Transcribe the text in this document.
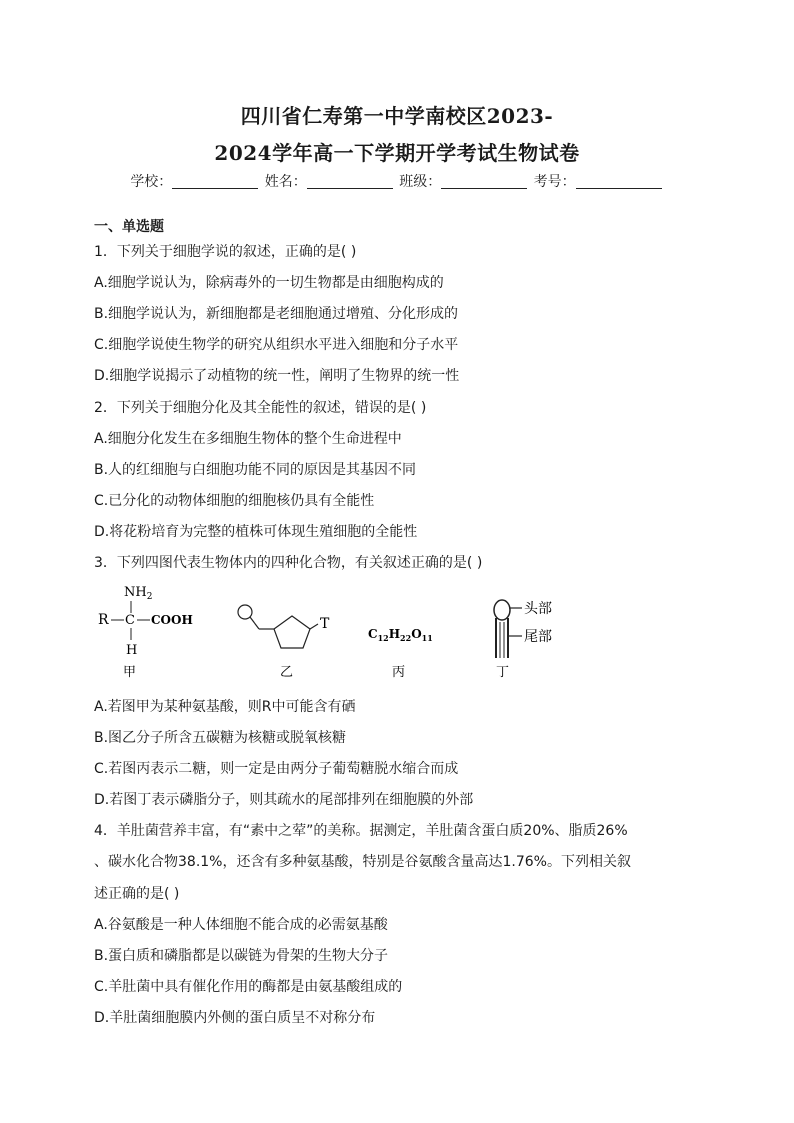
四川省仁寿第一中学南校区2023-
2024学年高一下学期开学考试生物试卷
学校：	姓名：	班级：	考号：
一、单选题
1．下列关于细胞学说的叙述，正确的是( )
A.细胞学说认为，除病毒外的一切生物都是由细胞构成的
B.细胞学说认为，新细胞都是老细胞通过增殖、分化形成的
C.细胞学说使生物学的研究从组织水平进入细胞和分子水平
D.细胞学说揭示了动植物的统一性，阐明了生物界的统一性
2．下列关于细胞分化及其全能性的叙述，错误的是( )
A.细胞分化发生在多细胞生物体的整个生命进程中
B.人的红细胞与白细胞功能不同的原因是其基因不同
C.已分化的动物体细胞的细胞核仍具有全能性
D.将花粉培育为完整的植株可体现生殖细胞的全能性
3．下列四图代表生物体内的四种化合物，有关叙述正确的是( )
$NH_2$
R C COOH
H
甲
T
乙
$C_{12}H_{22}O_{11}$
丙
头部
尾部
丁
A.若图甲为某种氨基酸，则R中可能含有硒
B.图乙分子所含五碳糖为核糖或脱氧核糖
C.若图丙表示二糖，则一定是由两分子葡萄糖脱水缩合而成
D.若图丁表示磷脂分子，则其疏水的尾部排列在细胞膜的外部
4．羊肚菌营养丰富，有“素中之荤”的美称。据测定，羊肚菌含蛋白质20%、脂质26%
、碳水化合物38.1%，还含有多种氨基酸，特别是谷氨酸含量高达1.76%。下列相关叙
述正确的是( )
A.谷氨酸是一种人体细胞不能合成的必需氨基酸
B.蛋白质和磷脂都是以碳链为骨架的生物大分子
C.羊肚菌中具有催化作用的酶都是由氨基酸组成的
D.羊肚菌细胞膜内外侧的蛋白质呈不对称分布
